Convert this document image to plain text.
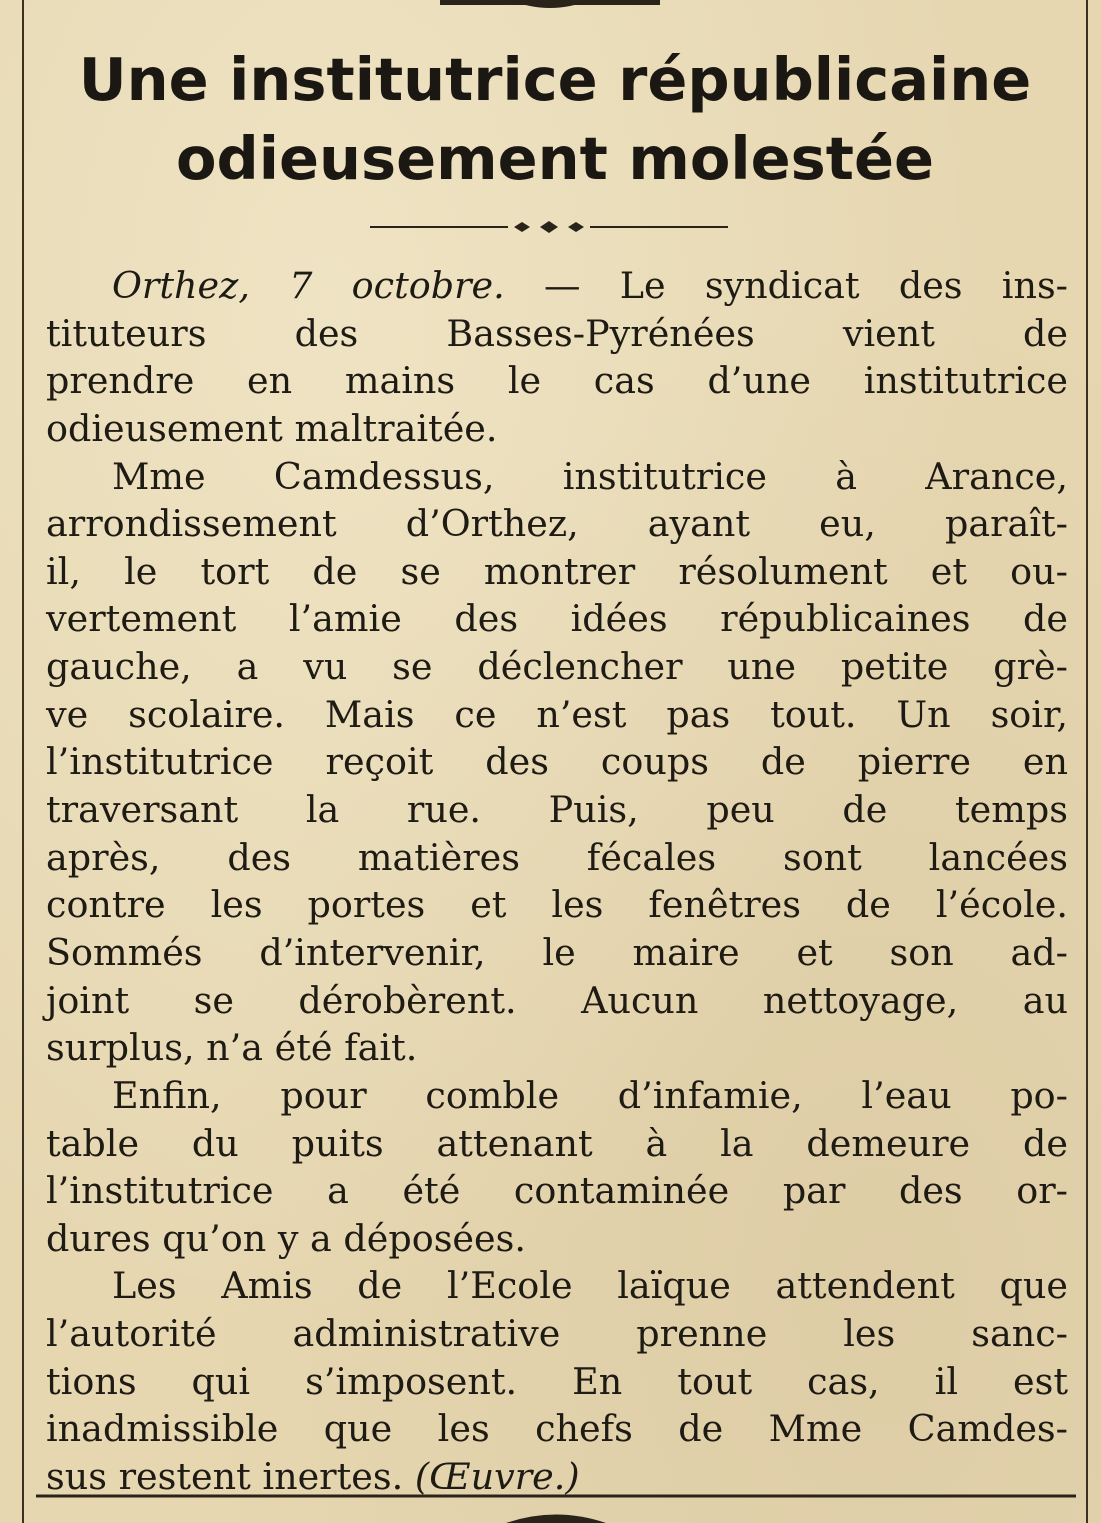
Une institutrice républicaine
odieusement molestée
Orthez, 7 octobre. — Le syndicat des ins-
tituteurs des Basses-Pyrénées vient de
prendre en mains le cas d’une institutrice
odieusement maltraitée.
Mme Camdessus, institutrice à Arance,
arrondissement d’Orthez, ayant eu, paraît-
il, le tort de se montrer résolument et ou-
vertement l’amie des idées républicaines de
gauche, a vu se déclencher une petite grè-
ve scolaire. Mais ce n’est pas tout. Un soir,
l’institutrice reçoit des coups de pierre en
traversant la rue. Puis, peu de temps
après, des matières fécales sont lancées
contre les portes et les fenêtres de l’école.
Sommés d’intervenir, le maire et son ad-
joint se dérobèrent. Aucun nettoyage, au
surplus, n’a été fait.
Enfin, pour comble d’infamie, l’eau po-
table du puits attenant à la demeure de
l’institutrice a été contaminée par des or-
dures qu’on y a déposées.
Les Amis de l’Ecole laïque attendent que
l’autorité administrative prenne les sanc-
tions qui s’imposent. En tout cas, il est
inadmissible que les chefs de Mme Camdes-
sus restent inertes. (Œuvre.)
